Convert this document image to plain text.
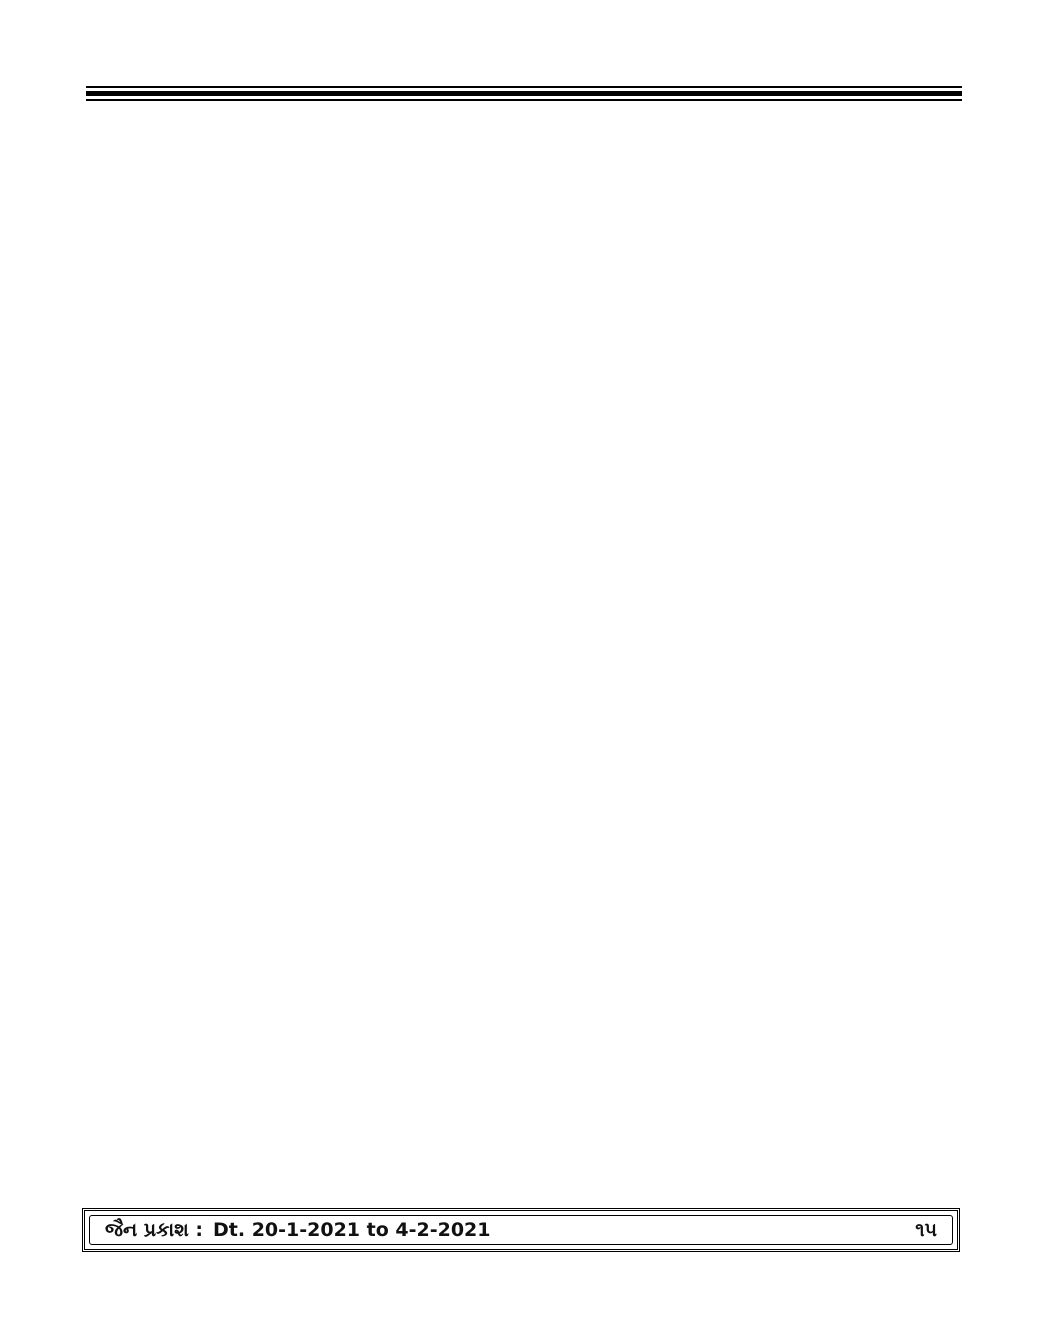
જૈન પ્રકાશ : Dt. 20-1-2021 to 4-2-2021	૧૫
